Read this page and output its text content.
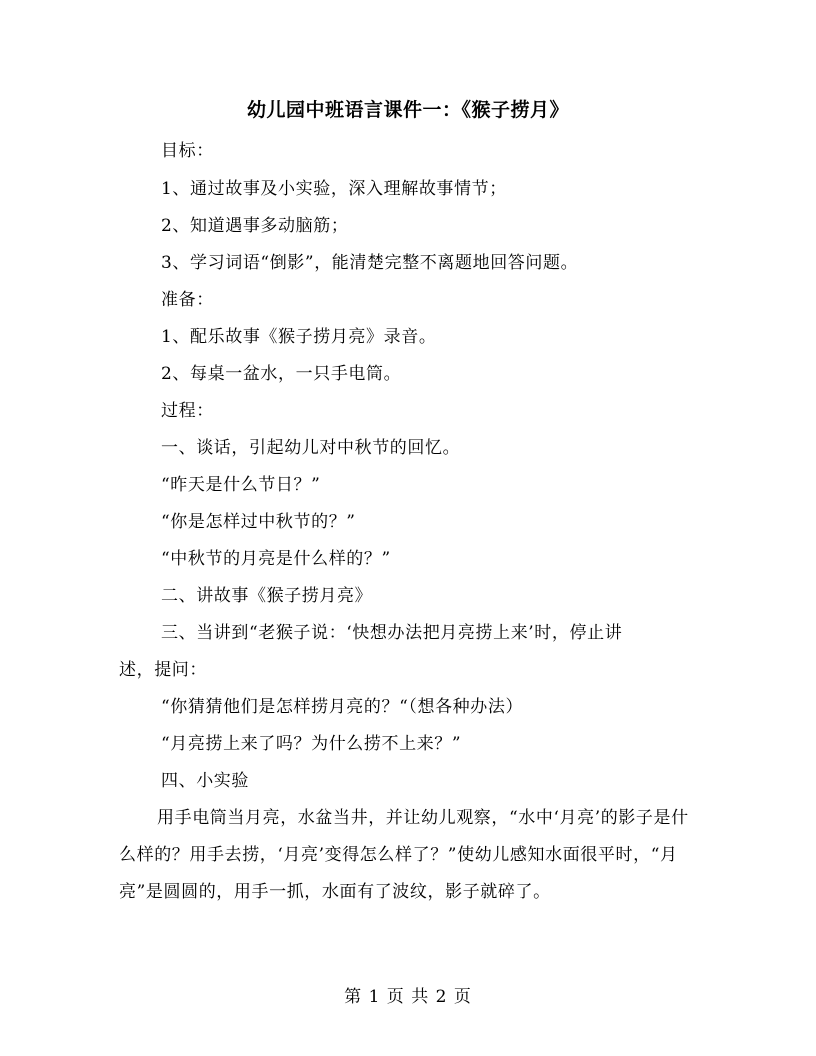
幼儿园中班语言课件一：《猴子捞月》
目标：
1、通过故事及小实验，深入理解故事情节；
2、知道遇事多动脑筋；
3、学习词语“倒影”，能清楚完整不离题地回答问题。
准备：
1、配乐故事《猴子捞月亮》录音。
2、每桌一盆水，一只手电筒。
过程：
一、谈话，引起幼儿对中秋节的回忆。
“昨天是什么节日？”
“你是怎样过中秋节的？”
“中秋节的月亮是什么样的？”
二、讲故事《猴子捞月亮》
三、当讲到“老猴子说：‘快想办法把月亮捞上来’时，停止讲
述，提问：
“你猜猜他们是怎样捞月亮的？“（想各种办法）
“月亮捞上来了吗？为什么捞不上来？”
四、小实验
用手电筒当月亮，水盆当井，并让幼儿观察，“水中‘月亮’的影子是什么样的？用手去捞，‘月亮’变得怎么样了？”使幼儿感知水面很平时，“月亮”是圆圆的，用手一抓，水面有了波纹，影子就碎了。
第 1 页 共 2 页
